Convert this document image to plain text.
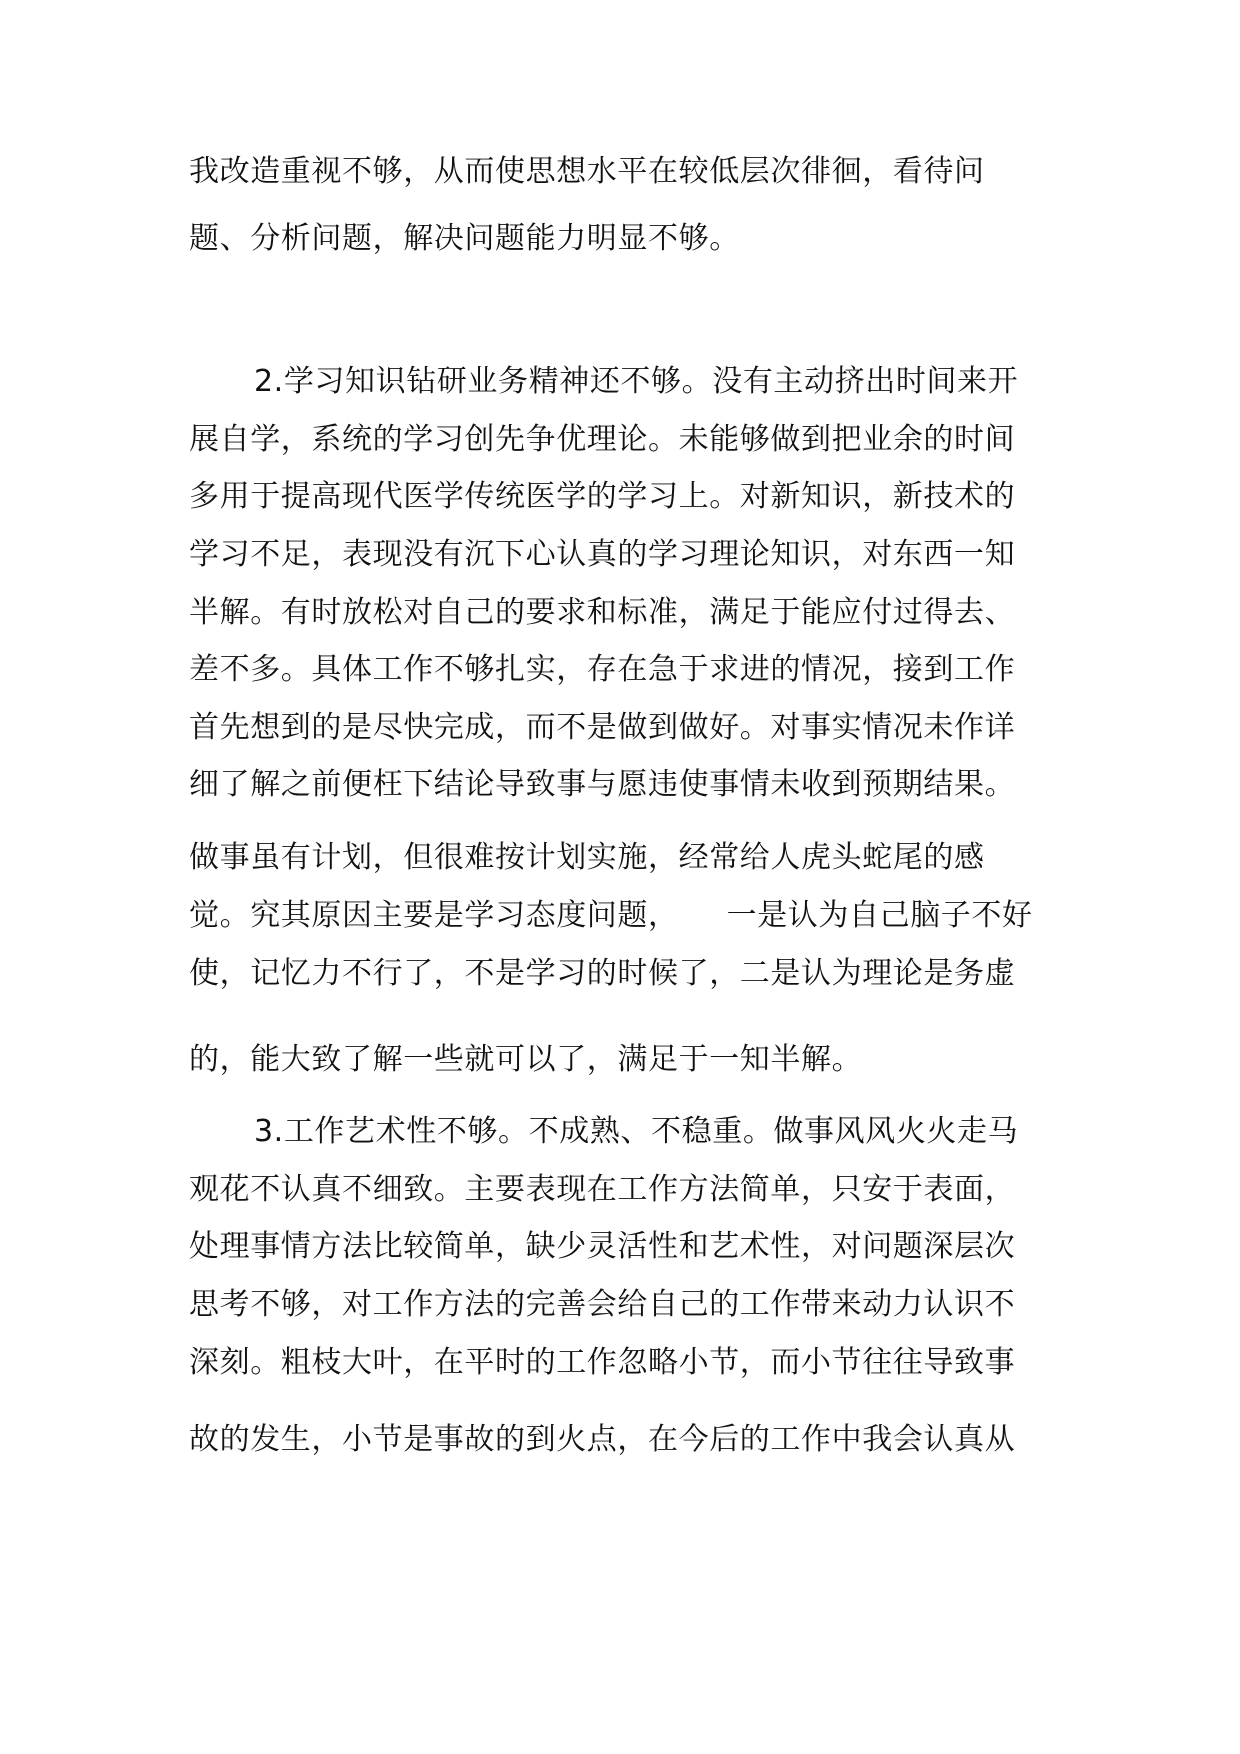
我改造重视不够，从而使思想水平在较低层次徘徊，看待问
题、分析问题，解决问题能力明显不够。
2.学习知识钻研业务精神还不够。没有主动挤出时间来开
展自学，系统的学习创先争优理论。未能够做到把业余的时间
多用于提高现代医学传统医学的学习上。对新知识，新技术的
学习不足，表现没有沉下心认真的学习理论知识，对东西一知
半解。有时放松对自己的要求和标准，满足于能应付过得去、
差不多。具体工作不够扎实，存在急于求进的情况，接到工作
首先想到的是尽快完成，而不是做到做好。对事实情况未作详
细了解之前便枉下结论导致事与愿违使事情未收到预期结果。
做事虽有计划，但很难按计划实施，经常给人虎头蛇尾的感
觉。究其原因主要是学习态度问题， 一是认为自己脑子不好
使，记忆力不行了，不是学习的时候了，二是认为理论是务虚
的，能大致了解一些就可以了，满足于一知半解。
3.工作艺术性不够。不成熟、不稳重。做事风风火火走马
观花不认真不细致。主要表现在工作方法简单，只安于表面，
处理事情方法比较简单，缺少灵活性和艺术性，对问题深层次
思考不够，对工作方法的完善会给自己的工作带来动力认识不
深刻。粗枝大叶，在平时的工作忽略小节，而小节往往导致事
故的发生，小节是事故的到火点，在今后的工作中我会认真从
